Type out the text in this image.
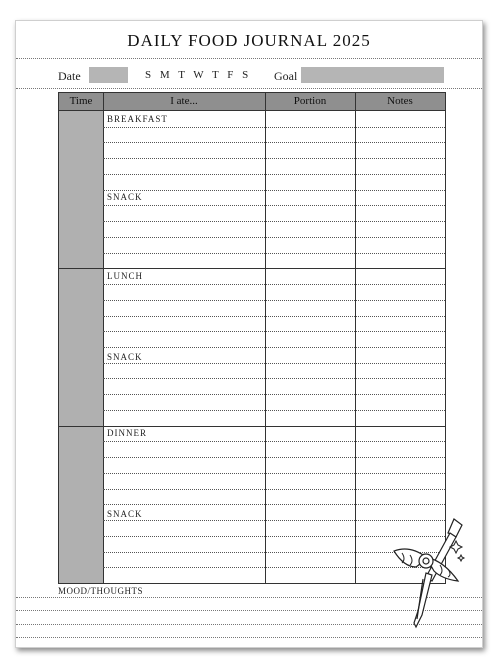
DAILY FOOD JOURNAL 2025
Date	S M T W T F S Goal
Time	I ate...	Portion	Notes
BREAKFAST
SNACK
LUNCH
SNACK
DINNER
SNACK
MOOD/THOUGHTS
